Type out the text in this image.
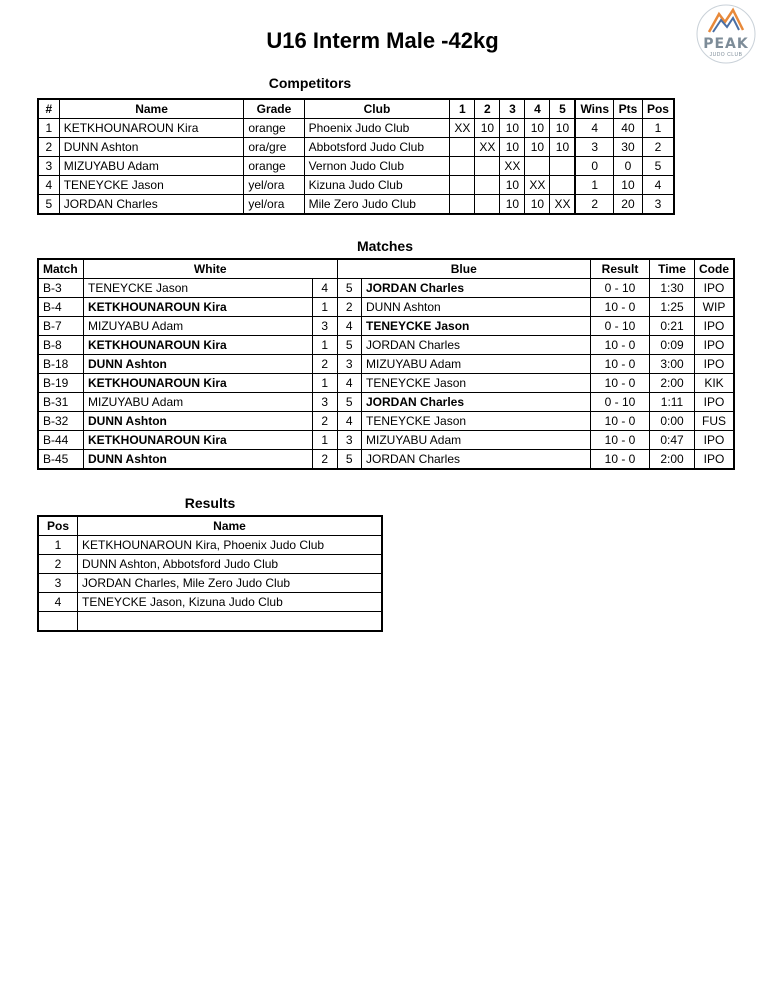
U16 Interm Male -42kg	PEAK
JUDO CLUB
Competitors
#	Name	Grade	Club	1	2	3	4	5	Wins	Pts	Pos
1	KETKHOUNAROUN Kira	orange	Phoenix Judo Club	XX	10	10	10	10	4	40	1
2	DUNN Ashton	ora/gre	Abbotsford Judo Club		XX	10	10	10	3	30	2
3	MIZUYABU Adam	orange	Vernon Judo Club			XX			0	0	5
4	TENEYCKE Jason	yel/ora	Kizuna Judo Club			10	XX		1	10	4
5	JORDAN Charles	yel/ora	Mile Zero Judo Club			10	10	XX	2	20	3
Matches
Match	White		Blue		Result	Time	Code
B-3	TENEYCKE Jason	4	5	JORDAN Charles	0 - 10	1:30	IPO
B-4	KETKHOUNAROUN Kira	1	2	DUNN Ashton	10 - 0	1:25	WIP
B-7	MIZUYABU Adam	3	4	TENEYCKE Jason	0 - 10	0:21	IPO
B-8	KETKHOUNAROUN Kira	1	5	JORDAN Charles	10 - 0	0:09	IPO
B-18	DUNN Ashton	2	3	MIZUYABU Adam	10 - 0	3:00	IPO
B-19	KETKHOUNAROUN Kira	1	4	TENEYCKE Jason	10 - 0	2:00	KIK
B-31	MIZUYABU Adam	3	5	JORDAN Charles	0 - 10	1:11	IPO
B-32	DUNN Ashton	2	4	TENEYCKE Jason	10 - 0	0:00	FUS
B-44	KETKHOUNAROUN Kira	1	3	MIZUYABU Adam	10 - 0	0:47	IPO
B-45	DUNN Ashton	2	5	JORDAN Charles	10 - 0	2:00	IPO
Results
Pos	Name
1	KETKHOUNAROUN Kira, Phoenix Judo Club
2	DUNN Ashton, Abbotsford Judo Club
3	JORDAN Charles, Mile Zero Judo Club
4	TENEYCKE Jason, Kizuna Judo Club
